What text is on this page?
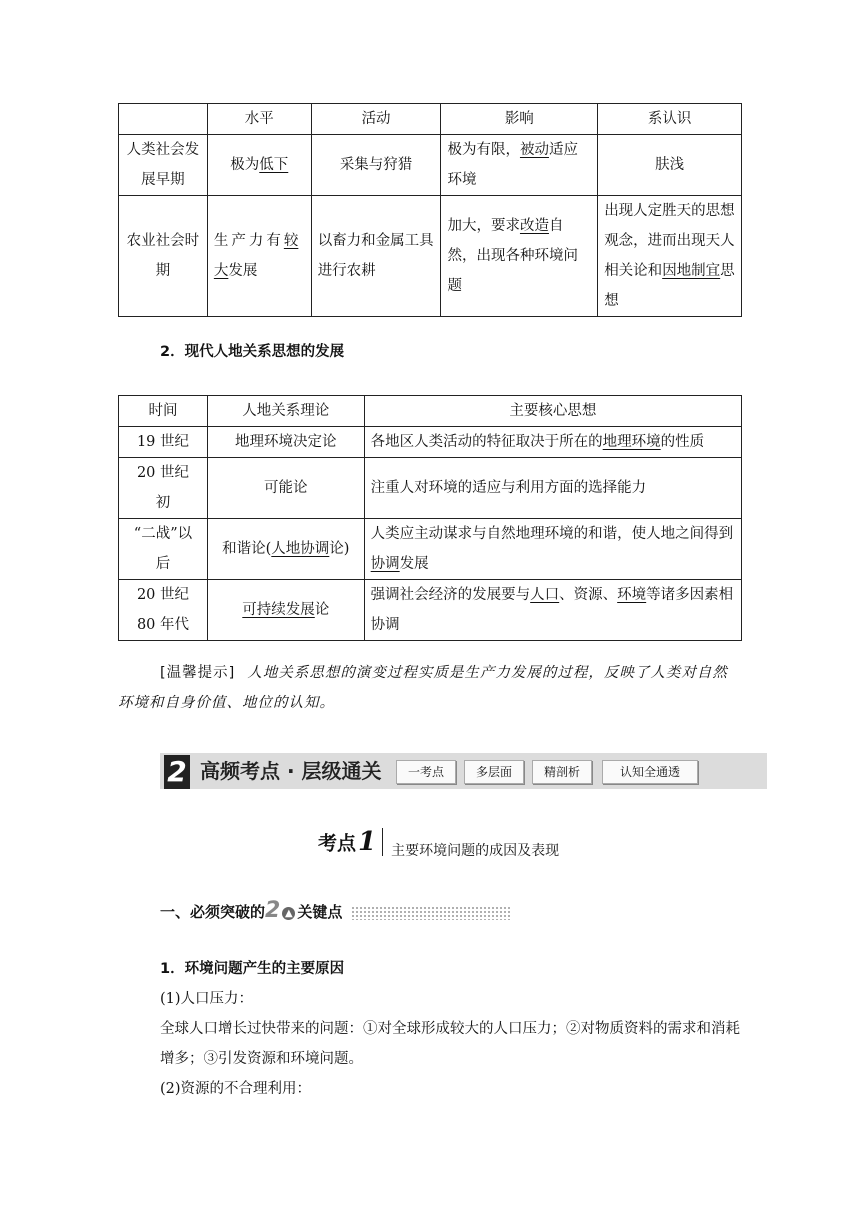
	水平	活动	影响	系认识
人类社会发展早期	极为低下	采集与狩猎	极为有限，被动适应环境	肤浅
农业社会时期	生产力有较大发展	以畜力和金属工具进行农耕	加大，要求改造自然，出现各种环境问题	出现人定胜天的思想观念，进而出现天人相关论和因地制宜思想
2．现代人地关系思想的发展
时间	人地关系理论	主要核心思想
19 世纪	地理环境决定论	各地区人类活动的特征取决于所在的地理环境的性质
20 世纪初	可能论	注重人对环境的适应与利用方面的选择能力
“二战”以后	和谐论(人地协调论)	人类应主动谋求与自然地理环境的和谐，使人地之间得到协调发展
20 世纪 80 年代	可持续发展论	强调社会经济的发展要与人口、资源、环境等诸多因素相协调
[温馨提示] 人地关系思想的演变过程实质是生产力发展的过程，反映了人类对自然环境和自身价值、地位的认知。
2 高频考点 · 层级通关	一考点	多层面	精剖析	认知全通透
考点1 主要环境问题的成因及表现
一、必须突破的2 ▲ 关键点
1．环境问题产生的主要原因
(1)人口压力：
全球人口增长过快带来的问题：①对全球形成较大的人口压力；②对物质资料的需求和消耗增多；③引发资源和环境问题。
(2)资源的不合理利用：
